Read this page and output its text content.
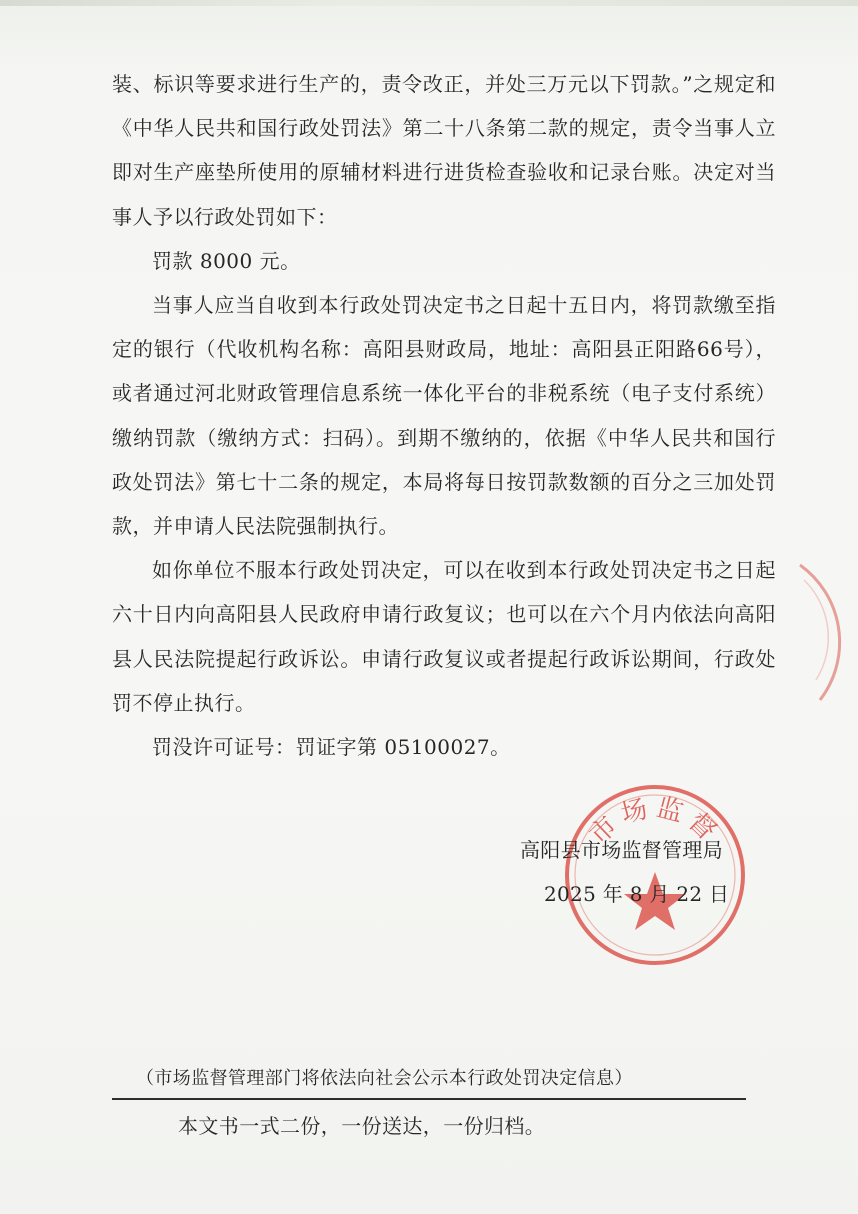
装、标识等要求进行生产的，责令改正，并处三万元以下罚款。”之规定和《中华人民共和国行政处罚法》第二十八条第二款的规定，责令当事人立即对生产座垫所使用的原辅材料进行进货检查验收和记录台账。决定对当事人予以行政处罚如下：

罚款 8000 元。

当事人应当自收到本行政处罚决定书之日起十五日内，将罚款缴至指定的银行（代收机构名称：高阳县财政局，地址：高阳县正阳路66号），或者通过河北财政管理信息系统一体化平台的非税系统（电子支付系统）缴纳罚款（缴纳方式：扫码）。到期不缴纳的，依据《中华人民共和国行政处罚法》第七十二条的规定，本局将每日按罚款数额的百分之三加处罚款，并申请人民法院强制执行。

如你单位不服本行政处罚决定，可以在收到本行政处罚决定书之日起六十日内向高阳县人民政府申请行政复议；也可以在六个月内依法向高阳县人民法院提起行政诉讼。申请行政复议或者提起行政诉讼期间，行政处罚不停止执行。

罚没许可证号：罚证字第 05100027。

市场监督
高阳县市场监督管理局
2025 年 8 月 22 日
（市场监督管理部门将依法向社会公示本行政处罚决定信息）
本文书一式二份，一份送达，一份归档。
